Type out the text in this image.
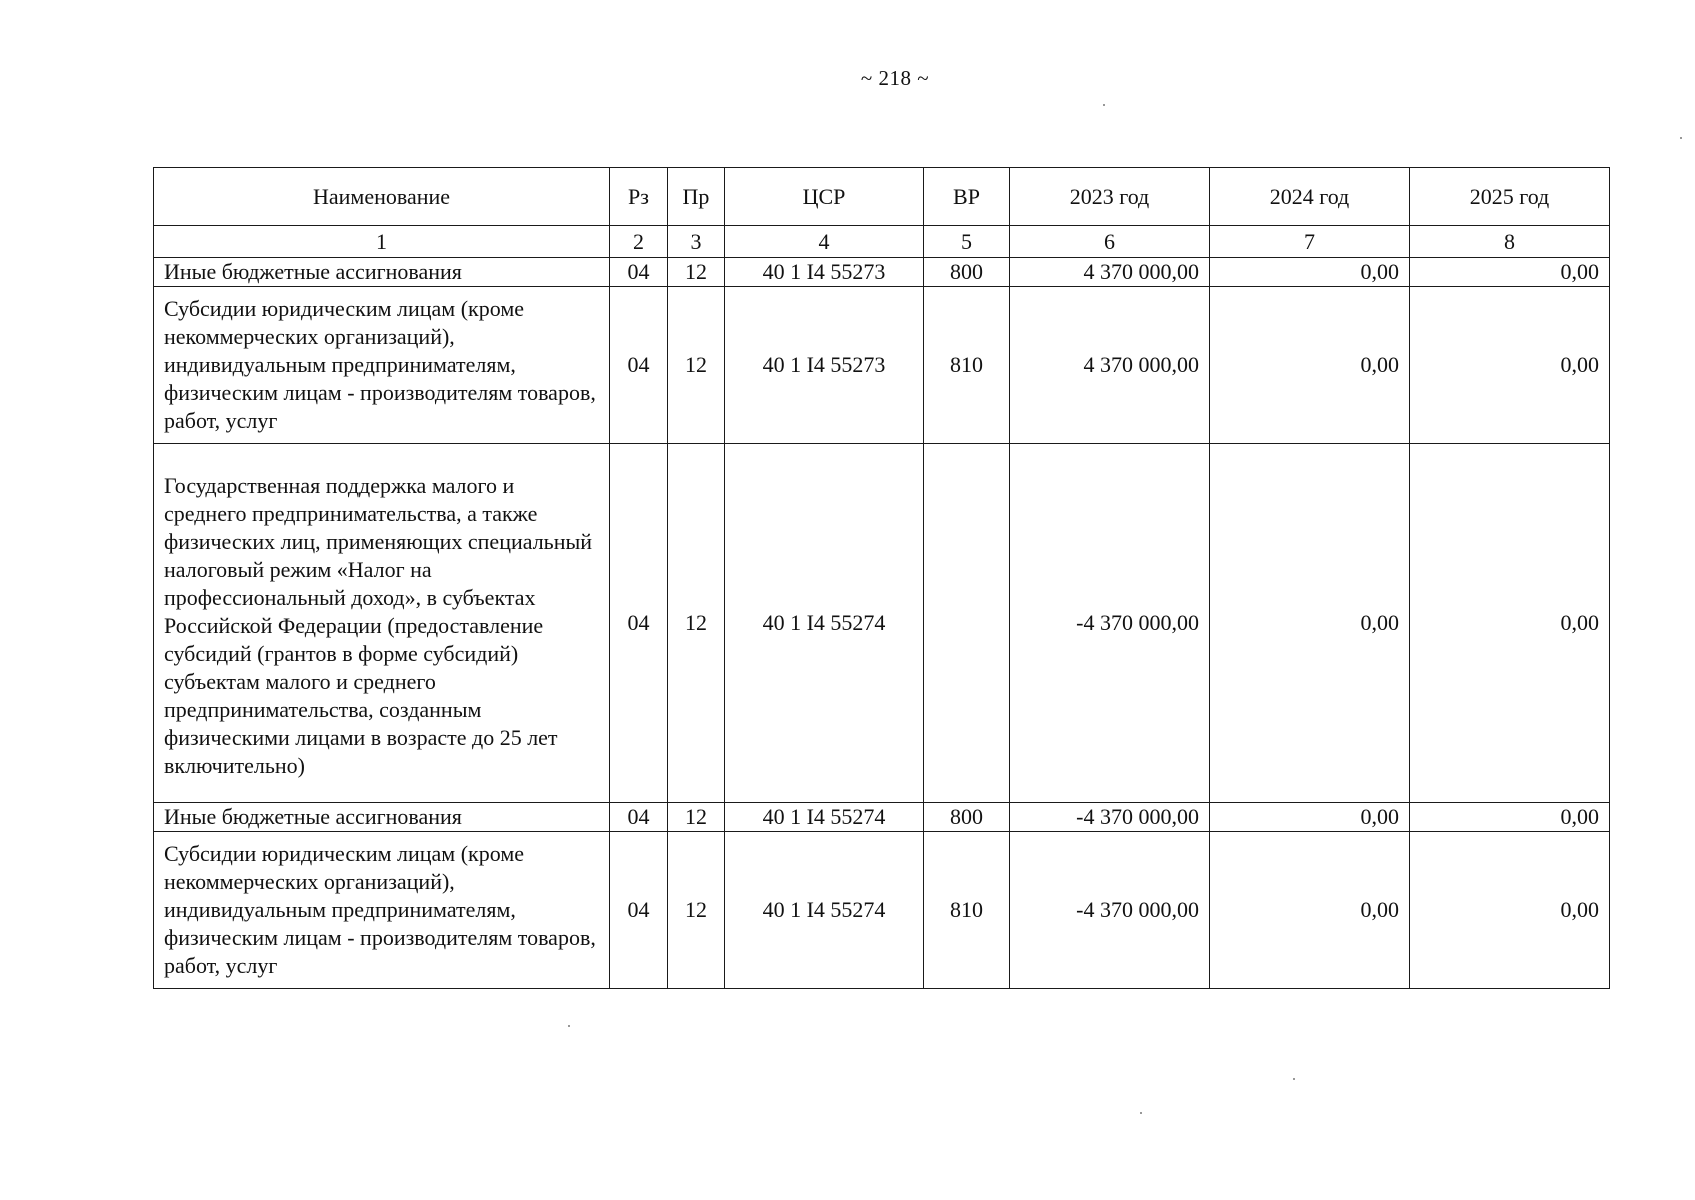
~ 218 ~
Наименование	Рз	Пр	ЦСР	ВР	2023 год	2024 год	2025 год
1	2	3	4	5	6	7	8
Иные бюджетные ассигнования	04	12	40 1 I4 55273	800	4 370 000,00	0,00	0,00
Субсидии юридическим лицам (кроме некоммерческих организаций), индивидуальным предпринимателям, физическим лицам - производителям товаров, работ, услуг	04	12	40 1 I4 55273	810	4 370 000,00	0,00	0,00
Государственная поддержка малого и среднего предпринимательства, а также физических лиц, применяющих специальный налоговый режим «Налог на профессиональный доход», в субъектах Российской Федерации (предоставление субсидий (грантов в форме субсидий) субъектам малого и среднего предпринимательства, созданным физическими лицами в возрасте до 25 лет включительно)	04	12	40 1 I4 55274		-4 370 000,00	0,00	0,00
Иные бюджетные ассигнования	04	12	40 1 I4 55274	800	-4 370 000,00	0,00	0,00
Субсидии юридическим лицам (кроме некоммерческих организаций), индивидуальным предпринимателям, физическим лицам - производителям товаров, работ, услуг	04	12	40 1 I4 55274	810	-4 370 000,00	0,00	0,00
